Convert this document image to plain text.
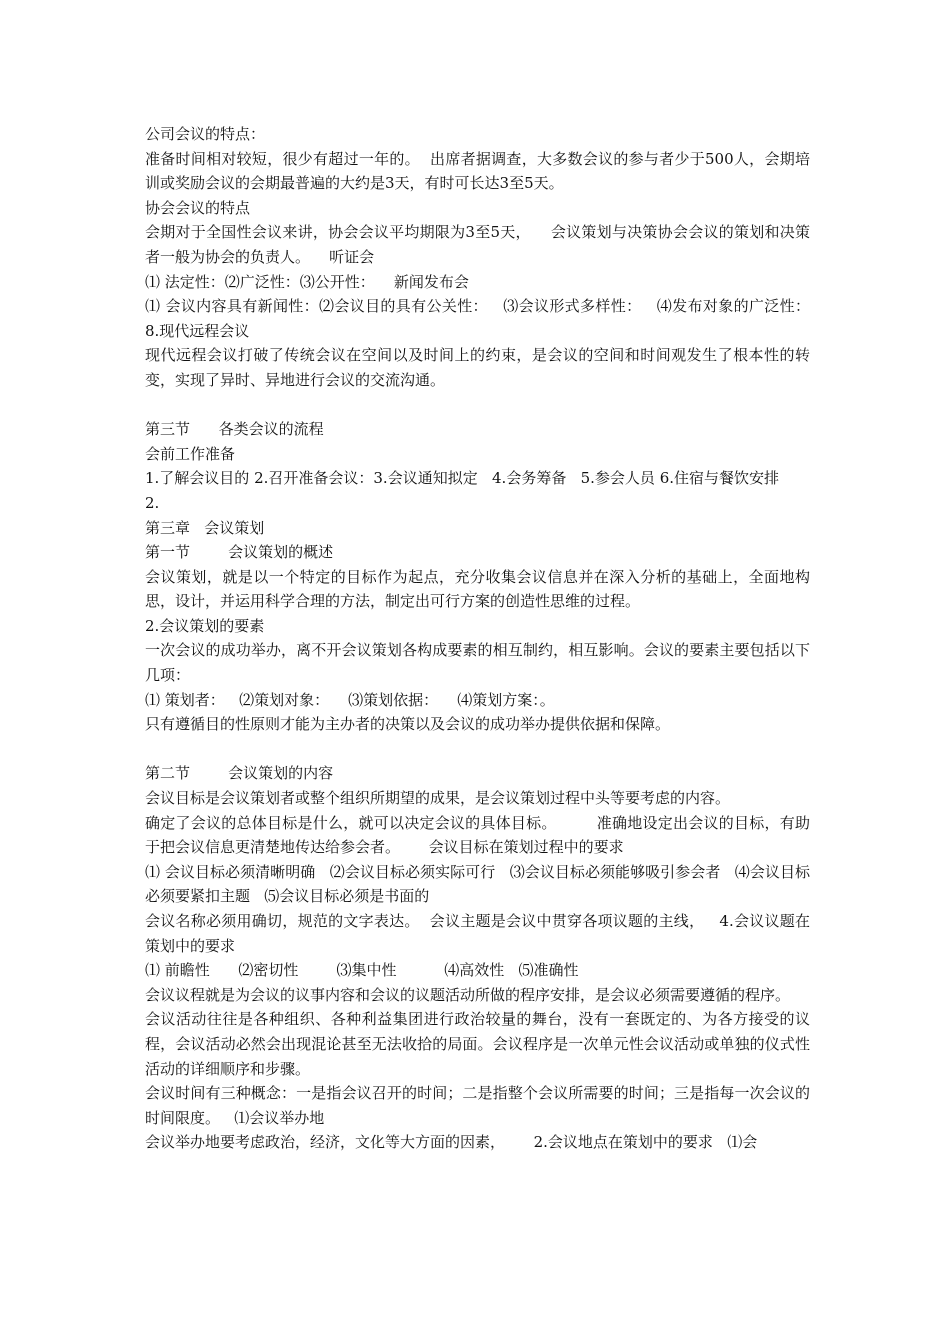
公司会议的特点：

准备时间相对较短，很少有超过一年的。  出席者据调查，大多数会议的参与者少于500人，会期培训或奖励会议的会期最普遍的大约是3天，有时可长达3至5天。

协会会议的特点

会期对于全国性会议来讲，协会会议平均期限为3至5天，    会议策划与决策协会会议的策划和决策者一般为协会的负责人。    听证会

⑴ 法定性：⑵广泛性：⑶公开性：    新闻发布会

⑴ 会议内容具有新闻性：⑵会议目的具有公关性：   ⑶会议形式多样性：   ⑷发布对象的广泛性：        8.现代远程会议

现代远程会议打破了传统会议在空间以及时间上的约束，是会议的空间和时间观发生了根本性的转变，实现了异时、异地进行会议的交流沟通。

第三节      各类会议的流程

会前工作准备

1.了解会议目的 2.召开准备会议：3.会议通知拟定   4.会务筹备   5.参会人员 6.住宿与餐饮安排

2.

第三章   会议策划

第一节        会议策划的概述

会议策划，就是以一个特定的目标作为起点，充分收集会议信息并在深入分析的基础上，全面地构思，设计，并运用科学合理的方法，制定出可行方案的创造性思维的过程。

2.会议策划的要素

一次会议的成功举办，离不开会议策划各构成要素的相互制约，相互影响。会议的要素主要包括以下几项：

⑴ 策划者：   ⑵策划对象：    ⑶策划依据：    ⑷策划方案：。

只有遵循目的性原则才能为主办者的决策以及会议的成功举办提供依据和保障。

第二节        会议策划的内容

会议目标是会议策划者或整个组织所期望的成果，是会议策划过程中头等要考虑的内容。

确定了会议的总体目标是什么，就可以决定会议的具体目标。        准确地设定出会议的目标，有助于把会议信息更清楚地传达给参会者。      会议目标在策划过程中的要求

⑴ 会议目标必须清晰明确   ⑵会议目标必须实际可行   ⑶会议目标必须能够吸引参会者   ⑷会议目标必须要紧扣主题   ⑸会议目标必须是书面的

会议名称必须用确切，规范的文字表达。  会议主题是会议中贯穿各项议题的主线，   4.会议议题在策划中的要求

⑴ 前瞻性      ⑵密切性        ⑶集中性          ⑷高效性   ⑸准确性

会议议程就是为会议的议事内容和会议的议题活动所做的程序安排，是会议必须需要遵循的程序。

会议活动往往是各种组织、各种利益集团进行政治较量的舞台，没有一套既定的、为各方接受的议程，会议活动必然会出现混论甚至无法收拾的局面。会议程序是一次单元性会议活动或单独的仪式性活动的详细顺序和步骤。

会议时间有三种概念：一是指会议召开的时间；二是指整个会议所需要的时间；三是指每一次会议的时间限度。   ⑴会议举办地

会议举办地要考虑政治，经济，文化等大方面的因素，      2.会议地点在策划中的要求   ⑴会
